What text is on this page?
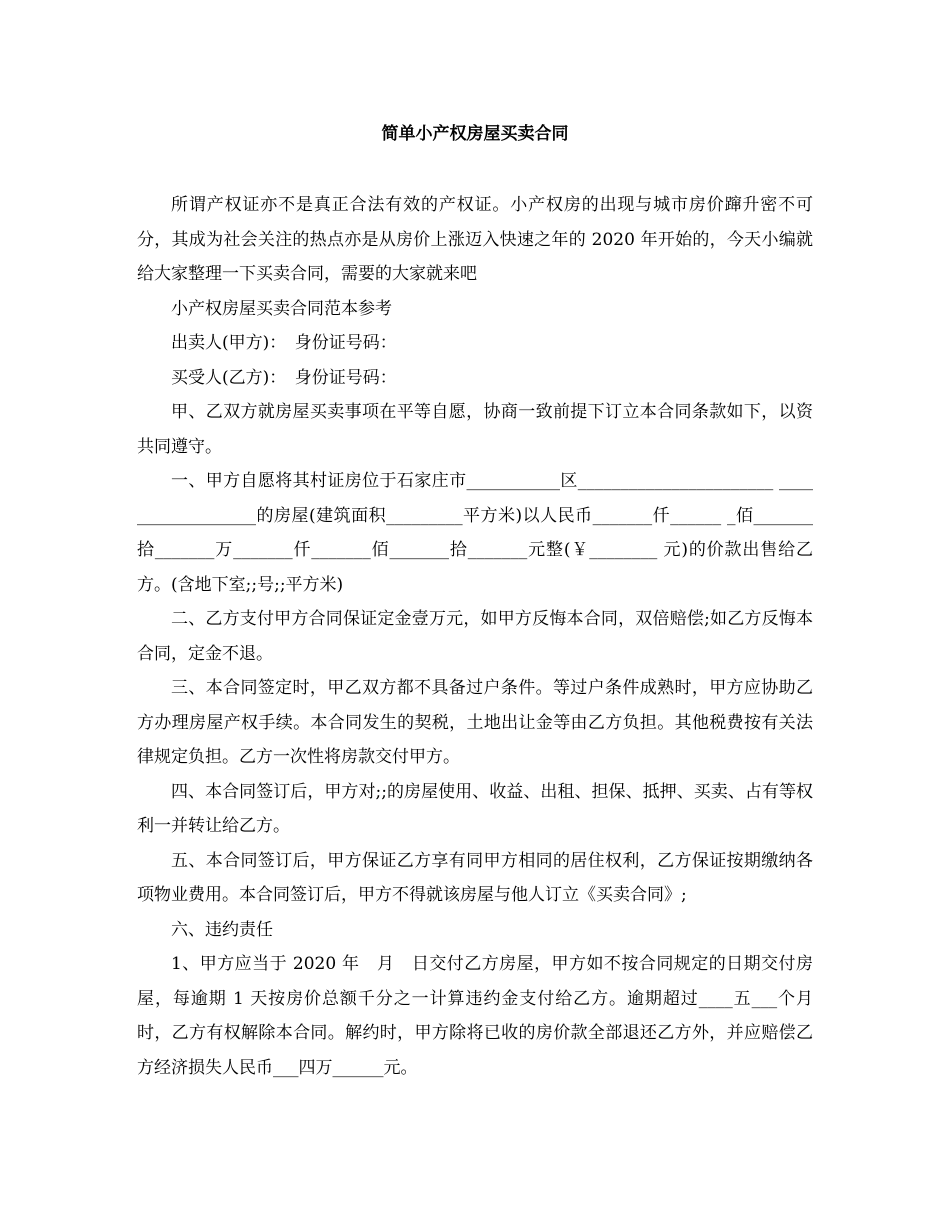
简单小产权房屋买卖合同

所谓产权证亦不是真正合法有效的产权证。小产权房的出现与城市房价蹿升密不可分，其成为社会关注的热点亦是从房价上涨迈入快速之年的 2020 年开始的，今天小编就给大家整理一下买卖合同，需要的大家就来吧

小产权房屋买卖合同范本参考

出卖人(甲方)：　身份证号码：

买受人(乙方)：　身份证号码：

甲、乙双方就房屋买卖事项在平等自愿，协商一致前提下订立本合同条款如下，以资共同遵守。

一、甲方自愿将其村证房位于石家庄市___________区_______________________ __________________的房屋(建筑面积_________平方米)以人民币_______仟______ _佰_______拾_______万_______仟_______佰_______拾_______元整(￥________ 元)的价款出售给乙方。(含地下室;;号;;平方米)

二、乙方支付甲方合同保证定金壹万元，如甲方反悔本合同，双倍赔偿;如乙方反悔本合同，定金不退。

三、本合同签定时，甲乙双方都不具备过户条件。等过户条件成熟时，甲方应协助乙方办理房屋产权手续。本合同发生的契税，土地出让金等由乙方负担。其他税费按有关法律规定负担。乙方一次性将房款交付甲方。

四、本合同签订后，甲方对;;的房屋使用、收益、出租、担保、抵押、买卖、占有等权利一并转让给乙方。

五、本合同签订后，甲方保证乙方享有同甲方相同的居住权利，乙方保证按期缴纳各项物业费用。本合同签订后，甲方不得就该房屋与他人订立《买卖合同》;

六、违约责任

1、甲方应当于 2020 年　月　日交付乙方房屋，甲方如不按合同规定的日期交付房屋，每逾期 1 天按房价总额千分之一计算违约金支付给乙方。逾期超过____五___个月时，乙方有权解除本合同。解约时，甲方除将已收的房价款全部退还乙方外，并应赔偿乙方经济损失人民币___四万______元。
